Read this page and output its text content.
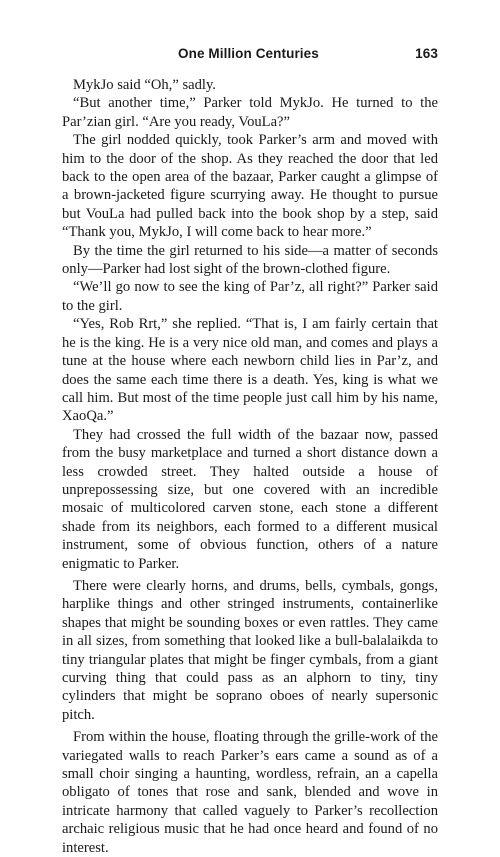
One Million Centuries	163

MykJo said “Oh,” sadly.

“But another time,” Parker told MykJo. He turned to the Par’zian girl. “Are you ready, VouLa?”

The girl nodded quickly, took Parker’s arm and moved with him to the door of the shop. As they reached the door that led back to the open area of the bazaar, Parker caught a glimpse of a brown-jacketed figure scurrying away. He thought to pursue but VouLa had pulled back into the book shop by a step, said “Thank you, MykJo, I will come back to hear more.”

By the time the girl returned to his side—a matter of seconds only—Parker had lost sight of the brown-clothed figure.

“We’ll go now to see the king of Par’z, all right?” Parker said to the girl.

“Yes, Rob Rrt,” she replied. “That is, I am fairly certain that he is the king. He is a very nice old man, and comes and plays a tune at the house where each newborn child lies in Par’z, and does the same each time there is a death. Yes, king is what we call him. But most of the time people just call him by his name, XaoQa.”

They had crossed the full width of the bazaar now, passed from the busy marketplace and turned a short distance down a less crowded street. They halted outside a house of unprepossessing size, but one covered with an incredible mosaic of multicolored carven stone, each stone a different shade from its neighbors, each formed to a different musical instrument, some of obvious function, others of a nature enigmatic to Parker.

There were clearly horns, and drums, bells, cymbals, gongs, harplike things and other stringed instruments, containerlike shapes that might be sounding boxes or even rattles. They came in all sizes, from something that looked like a bull-balalaikda to tiny triangular plates that might be finger cymbals, from a giant curving thing that could pass as an alphorn to tiny, tiny cylinders that might be soprano oboes of nearly supersonic pitch.

From within the house, floating through the grille-work of the variegated walls to reach Parker’s ears came a sound as of a small choir singing a haunting, wordless, refrain, an a capella obligato of tones that rose and sank, blended and wove in intricate harmony that called vaguely to Parker’s recollection archaic religious music that he had once heard and found of no interest.
